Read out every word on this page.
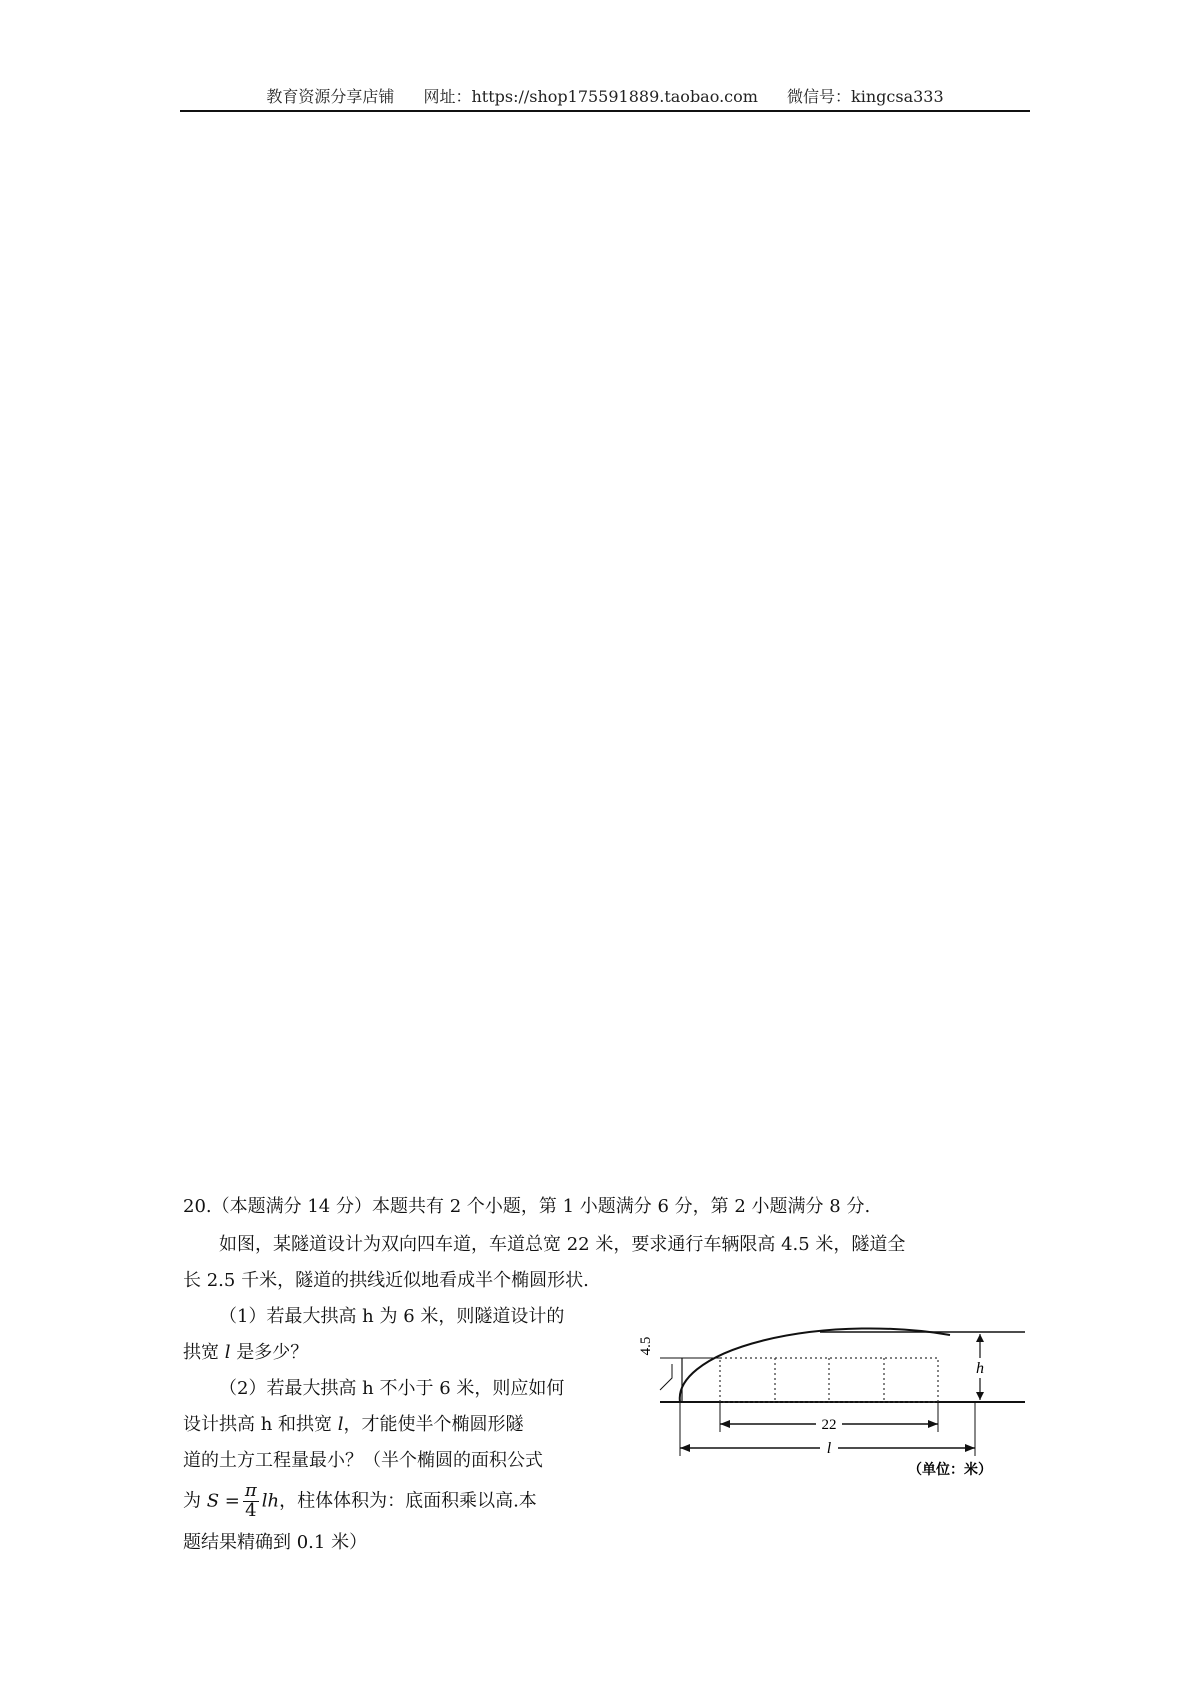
教育资源分享店铺 网址：https://shop175591889.taobao.com 微信号：kingcsa333
20.（本题满分 14 分）本题共有 2 个小题，第 1 小题满分 6 分，第 2 小题满分 8 分.
如图，某隧道设计为双向四车道，车道总宽 22 米，要求通行车辆限高 4.5 米，隧道全
长 2.5 千米，隧道的拱线近似地看成半个椭圆形状.
（1）若最大拱高 h 为 6 米，则隧道设计的
拱宽 l 是多少？
（2）若最大拱高 h 不小于 6 米，则应如何
设计拱高 h 和拱宽 l，才能使半个椭圆形隧
道的土方工程量最小？（半个椭圆的面积公式
为 $S = \frac{\pi}{4}$ lh，柱体体积为：底面积乘以高.本
题结果精确到 0.1 米）
4.5
h
22
l
（单位：米）
